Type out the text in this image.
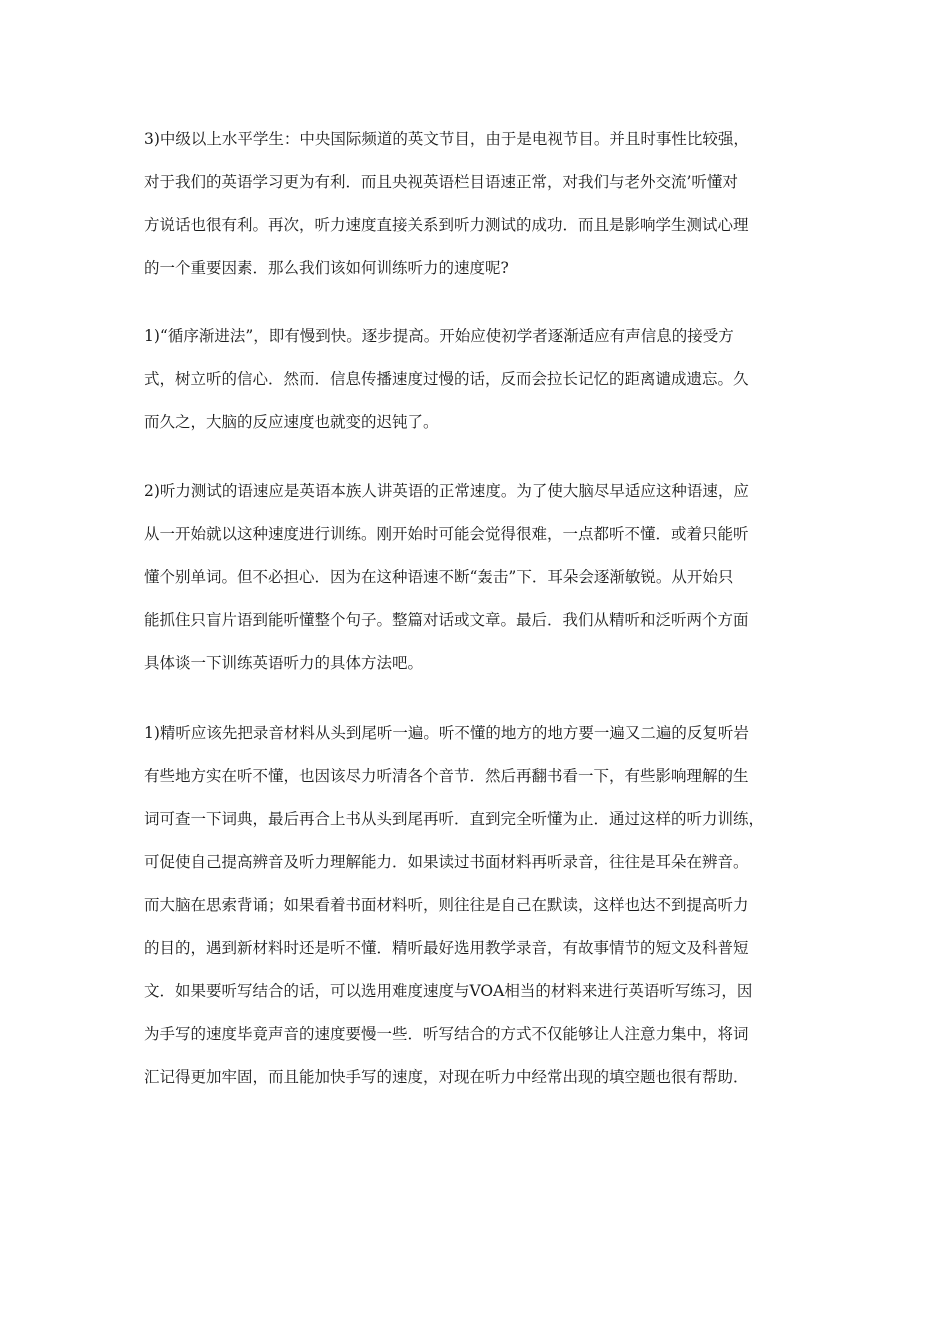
3)中级以上水平学生：中央国际频道的英文节目，由于是电视节目。并且时事性比较强，
对于我们的英语学习更为有利．而且央视英语栏目语速正常，对我们与老外交流’听懂对
方说话也很有利。再次，听力速度直接关系到听力测试的成功．而且是影响学生测试心理
的一个重要因素．那么我们该如何训练听力的速度呢?
1)“循序渐进法”，即有慢到快。逐步提高。开始应使初学者逐渐适应有声信息的接受方
式，树立听的信心．然而．信息传播速度过慢的话，反而会拉长记忆的距离谴成遗忘。久
而久之，大脑的反应速度也就变的迟钝了。
2)听力测试的语速应是英语本族人讲英语的正常速度。为了使大脑尽早适应这种语速，应
从一开始就以这种速度进行训练。刚开始时可能会觉得很难，一点都听不懂．或着只能听
懂个别单词。但不必担心．因为在这种语速不断“轰击”下．耳朵会逐渐敏锐。从开始只
能抓住只盲片语到能听懂整个句子。整篇对话或文章。最后．我们从精听和泛听两个方面
具体谈一下训练英语听力的具体方法吧。
1)精听应该先把录音材料从头到尾听一遍。听不懂的地方的地方要一遍又二遍的反复听岩
有些地方实在听不懂，也因该尽力听清各个音节．然后再翻书看一下，有些影响理解的生
词可查一下词典，最后再合上书从头到尾再听．直到完全听懂为止．通过这样的听力训练，
可促使自己提高辨音及听力理解能力．如果读过书面材料再听录音，往往是耳朵在辨音。
而大脑在思索背诵；如果看着书面材料听，则往往是自己在默读，这样也达不到提高听力
的目的，遇到新材料时还是听不懂．精听最好选用教学录音，有故事情节的短文及科普短
文．如果要听写结合的话，可以选用难度速度与VOA相当的材料来进行英语听写练习，因
为手写的速度毕竟声音的速度要慢一些．听写结合的方式不仅能够让人注意力集中，将词
汇记得更加牢固，而且能加快手写的速度，对现在听力中经常出现的填空题也很有帮助．
